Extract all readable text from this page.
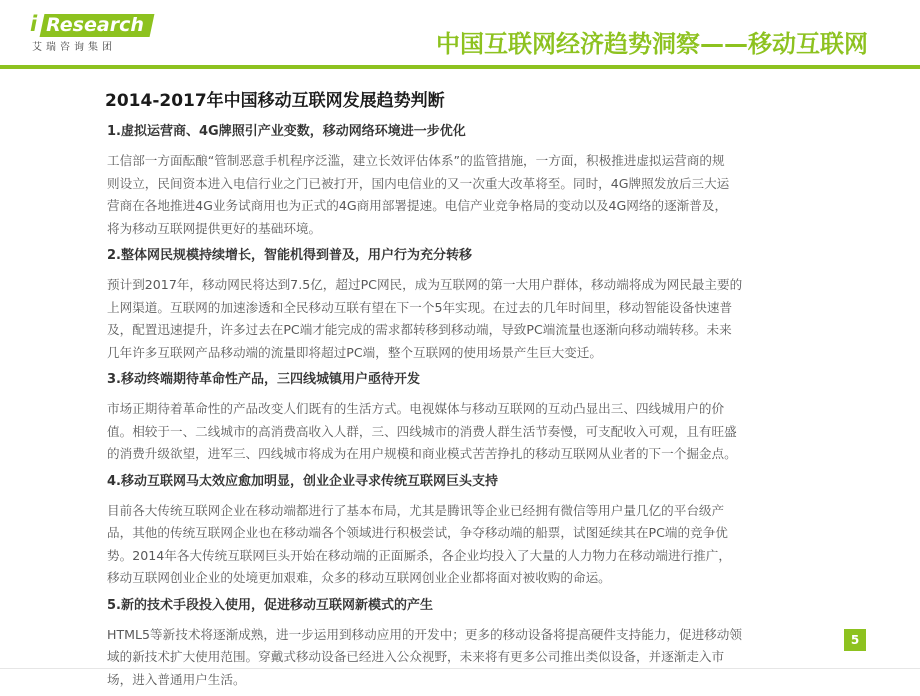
i Research
艾瑞咨询集团	中国互联网经济趋势洞察——移动互联网
2014-2017年中国移动互联网发展趋势判断
1.虚拟运营商、4G牌照引产业变数，移动网络环境进一步优化
工信部一方面酝酿“管制恶意手机程序泛滥，建立长效评估体系”的监管措施，一方面，积极推进虚拟运营商的规
则设立，民间资本进入电信行业之门已被打开，国内电信业的又一次重大改革将至。同时，4G牌照发放后三大运
营商在各地推进4G业务试商用也为正式的4G商用部署提速。电信产业竞争格局的变动以及4G网络的逐渐普及，
将为移动互联网提供更好的基础环境。
2.整体网民规模持续增长，智能机得到普及，用户行为充分转移
预计到2017年，移动网民将达到7.5亿，超过PC网民，成为互联网的第一大用户群体，移动端将成为网民最主要的
上网渠道。互联网的加速渗透和全民移动互联有望在下一个5年实现。在过去的几年时间里，移动智能设备快速普
及，配置迅速提升，许多过去在PC端才能完成的需求都转移到移动端，导致PC端流量也逐渐向移动端转移。未来
几年许多互联网产品移动端的流量即将超过PC端，整个互联网的使用场景产生巨大变迁。
3.移动终端期待革命性产品，三四线城镇用户亟待开发
市场正期待着革命性的产品改变人们既有的生活方式。电视媒体与移动互联网的互动凸显出三、四线城用户的价
值。相较于一、二线城市的高消费高收入人群，三、四线城市的消费人群生活节奏慢，可支配收入可观，且有旺盛
的消费升级欲望，进军三、四线城市将成为在用户规模和商业模式苦苦挣扎的移动互联网从业者的下一个掘金点。
4.移动互联网马太效应愈加明显，创业企业寻求传统互联网巨头支持
目前各大传统互联网企业在移动端都进行了基本布局，尤其是腾讯等企业已经拥有微信等用户量几亿的平台级产
品，其他的传统互联网企业也在移动端各个领域进行积极尝试，争夺移动端的船票，试图延续其在PC端的竞争优
势。2014年各大传统互联网巨头开始在移动端的正面厮杀，各企业均投入了大量的人力物力在移动端进行推广，
移动互联网创业企业的处境更加艰难，众多的移动互联网创业企业都将面对被收购的命运。
5.新的技术手段投入使用，促进移动互联网新模式的产生
HTML5等新技术将逐渐成熟，进一步运用到移动应用的开发中；更多的移动设备将提高硬件支持能力，促进移动领
域的新技术扩大使用范围。穿戴式移动设备已经进入公众视野，未来将有更多公司推出类似设备，并逐渐走入市
场，进入普通用户生活。
5
